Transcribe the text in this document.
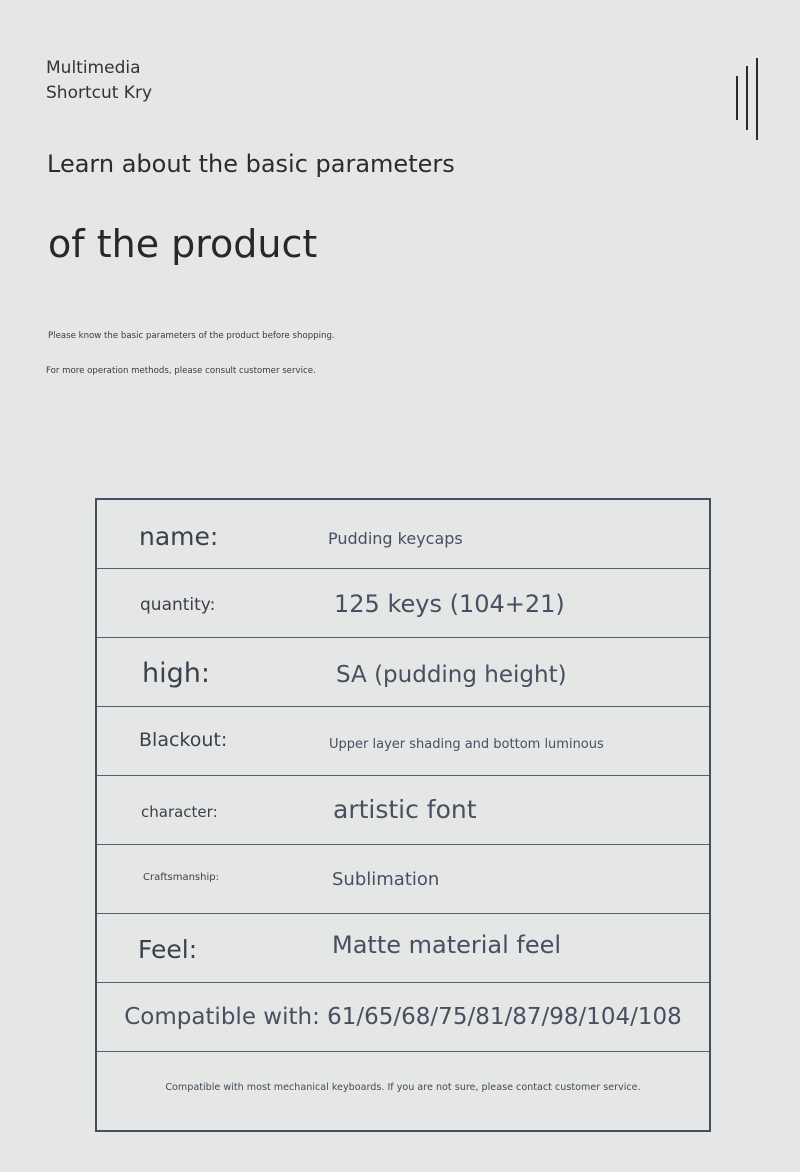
Multimedia
Shortcut Kry
Learn about the basic parameters
of the product
Please know the basic parameters of the product before shopping.
For more operation methods, please consult customer service.
name:	Pudding keycaps
quantity:	125 keys (104+21)
high:	SA (pudding height)
Blackout:	Upper layer shading and bottom luminous
character:	artistic font
Craftsmanship:	Sublimation
Feel:	Matte material feel
Compatible with: 61/65/68/75/81/87/98/104/108
Compatible with most mechanical keyboards. If you are not sure, please contact customer service.
